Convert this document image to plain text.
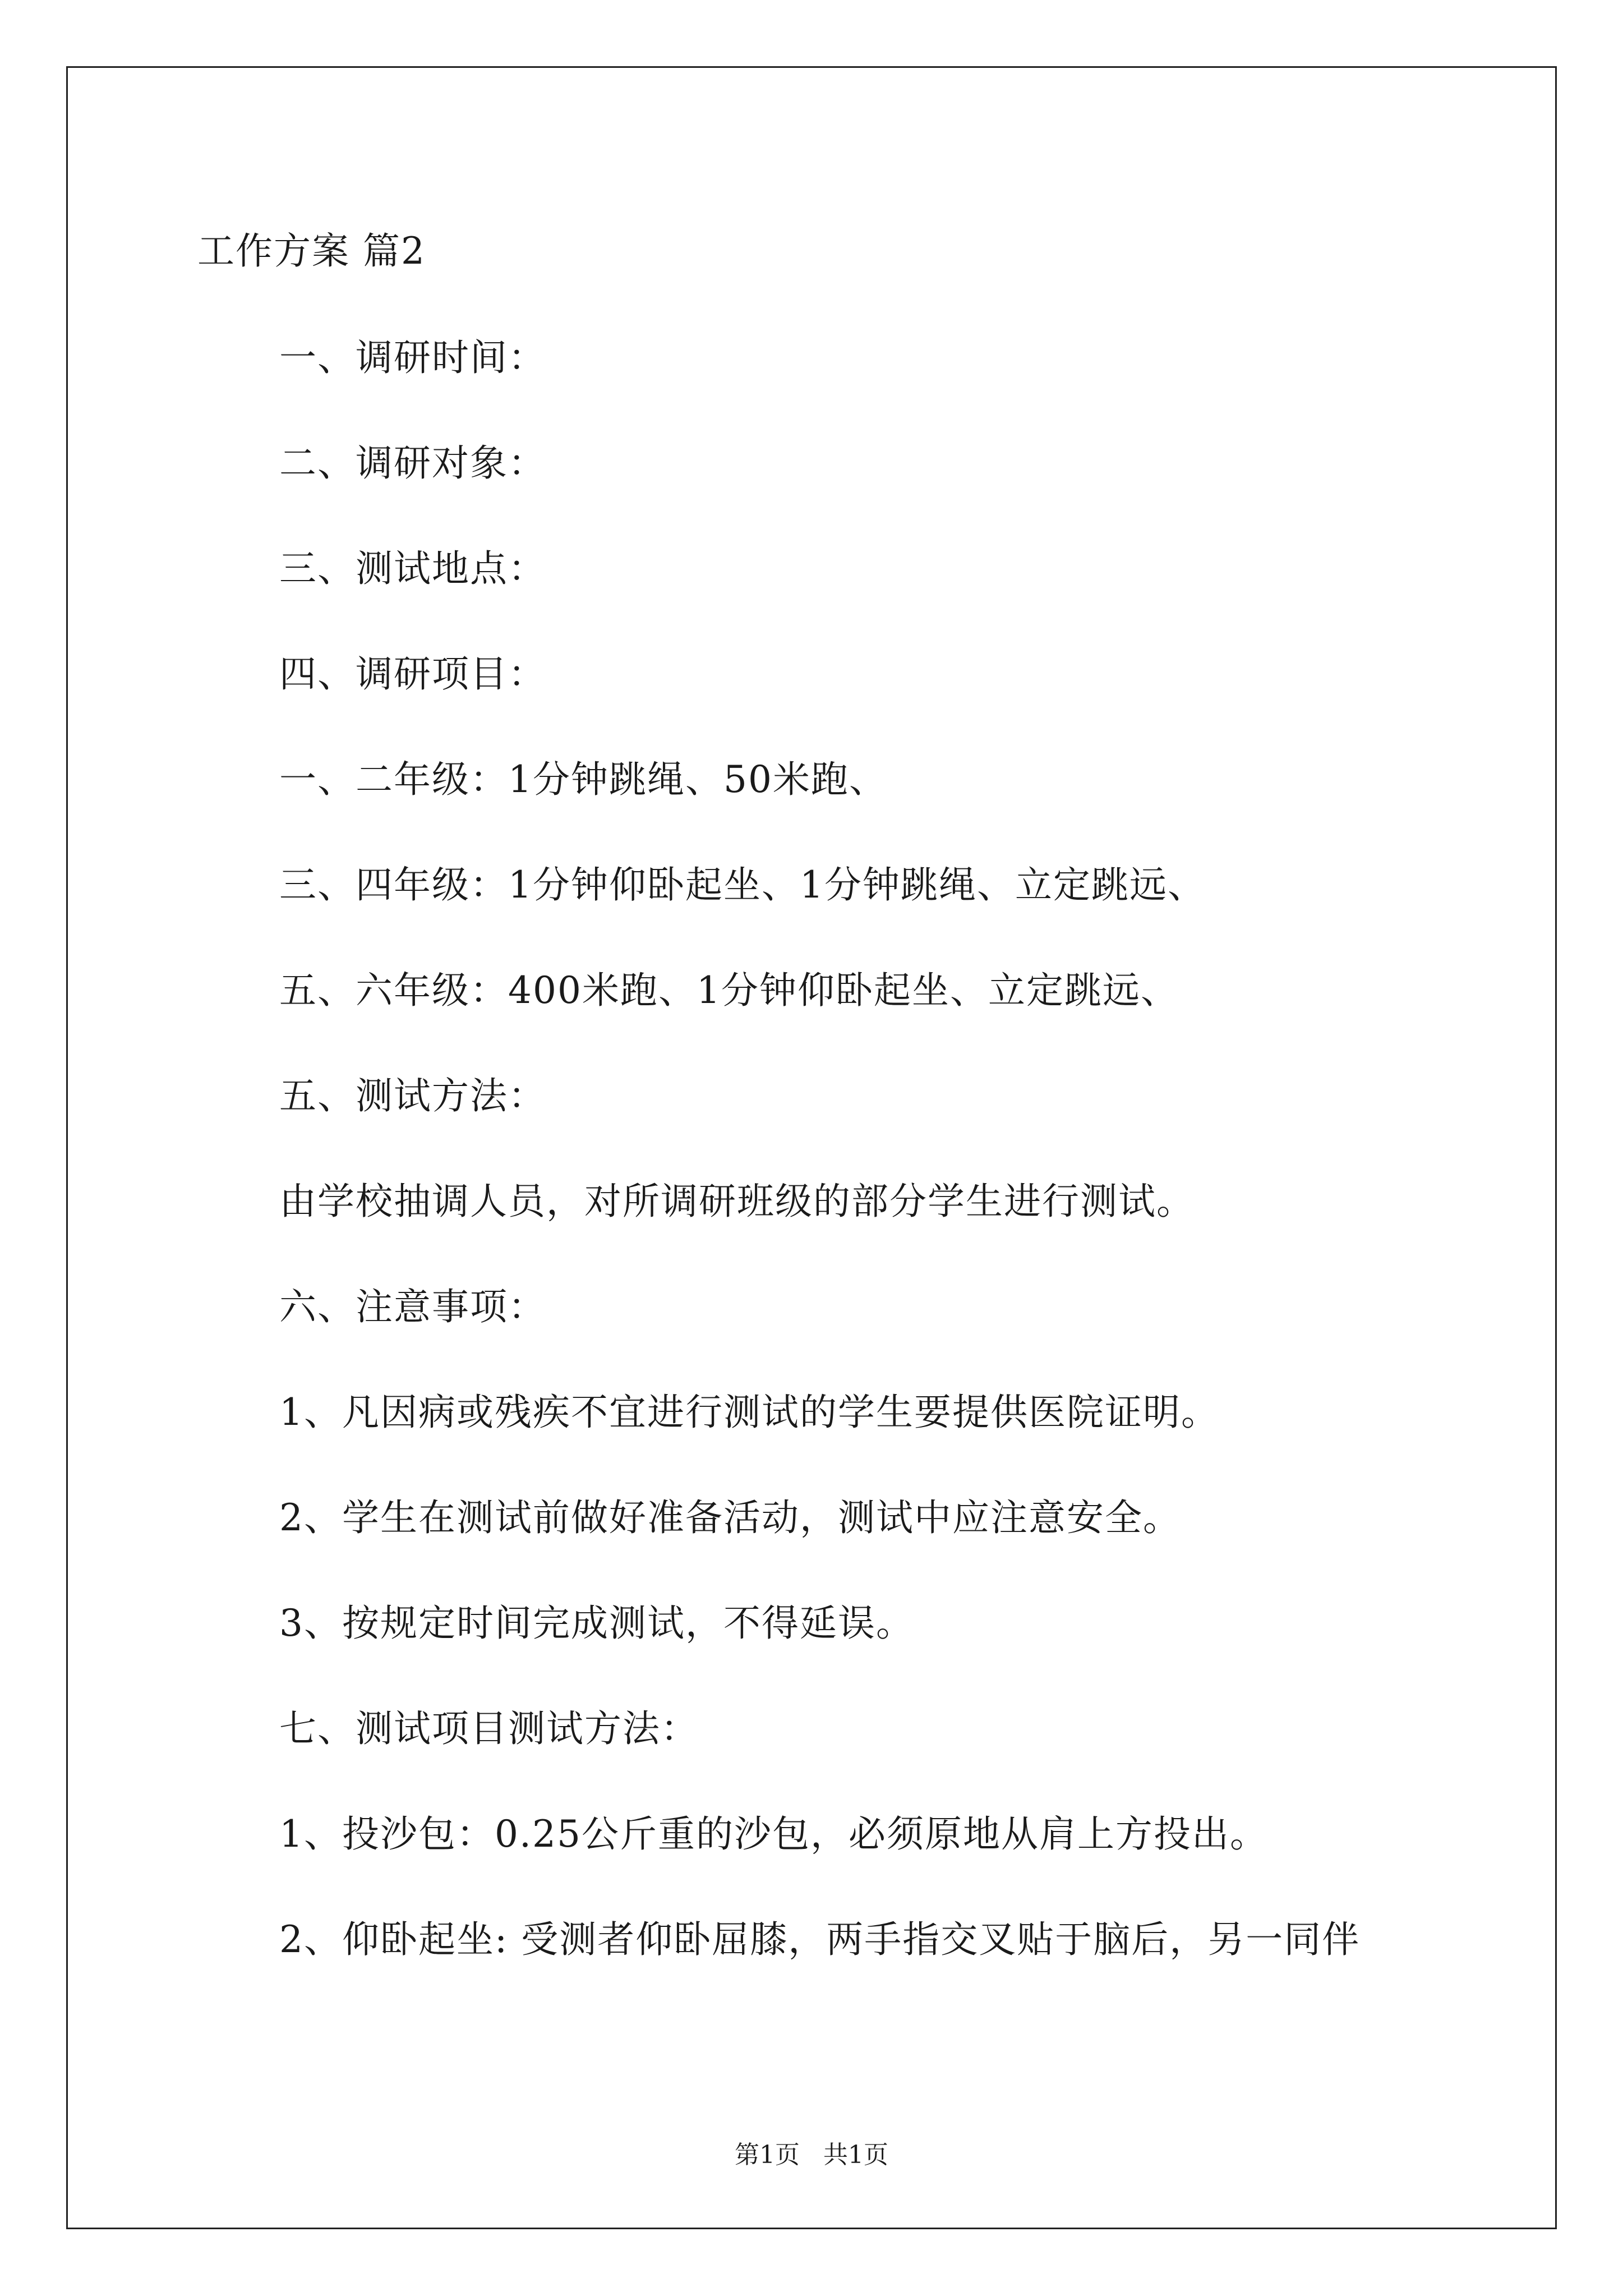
工作方案 篇2
一、调研时间：
二、调研对象：
三、测试地点：
四、调研项目：
一、二年级：1分钟跳绳、50米跑、
三、四年级：1分钟仰卧起坐、1分钟跳绳、立定跳远、
五、六年级：400米跑、1分钟仰卧起坐、立定跳远、
五、测试方法：
由学校抽调人员，对所调研班级的部分学生进行测试。
六、注意事项：
1、凡因病或残疾不宜进行测试的学生要提供医院证明。
2、学生在测试前做好准备活动，测试中应注意安全。
3、按规定时间完成测试，不得延误。
七、测试项目测试方法：
1、投沙包：0.25公斤重的沙包，必须原地从肩上方投出。
2、仰卧起坐: 受测者仰卧屈膝，两手指交叉贴于脑后，另一同伴
第1页   共1页
